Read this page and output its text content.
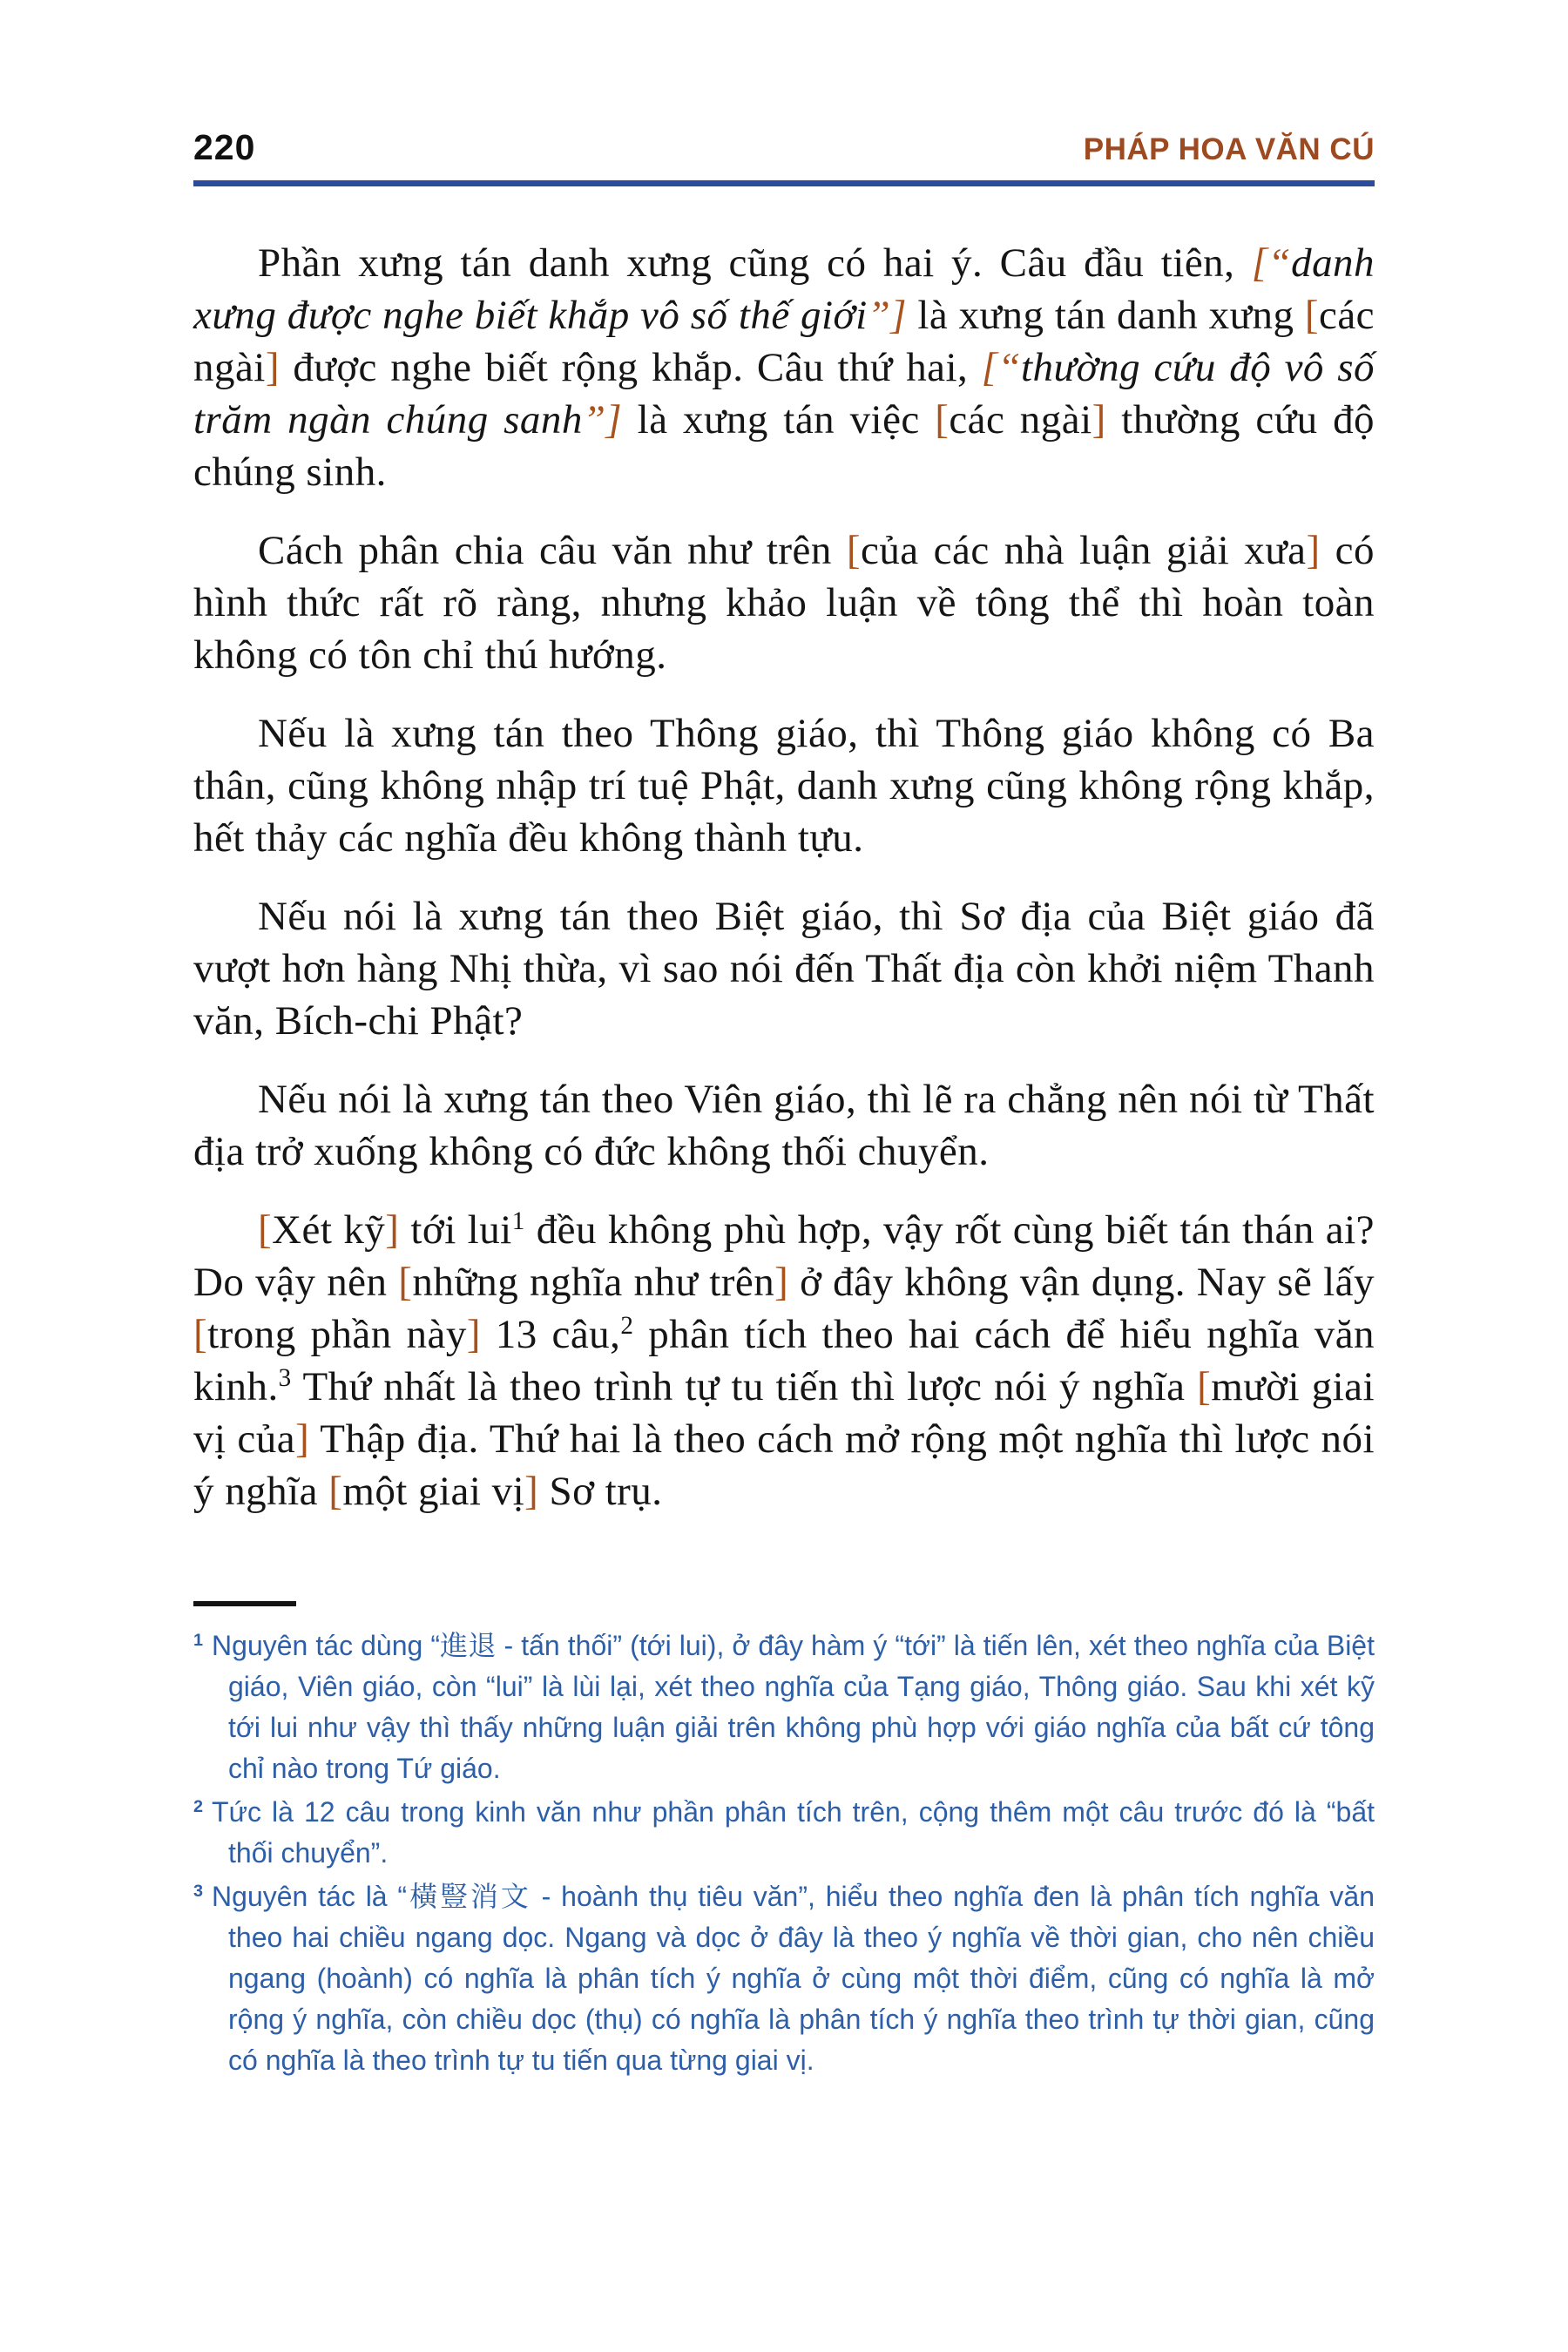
220	PHÁP HOA VĂN CÚ

Phần xưng tán danh xưng cũng có hai ý. Câu đầu tiên, [“danh xưng được nghe biết khắp vô số thế giới”] là xưng tán danh xưng [các ngài] được nghe biết rộng khắp. Câu thứ hai, [“thường cứu độ vô số trăm ngàn chúng sanh”] là xưng tán việc [các ngài] thường cứu độ chúng sinh.

Cách phân chia câu văn như trên [của các nhà luận giải xưa] có hình thức rất rõ ràng, nhưng khảo luận về tông thể thì hoàn toàn không có tôn chỉ thú hướng.

Nếu là xưng tán theo Thông giáo, thì Thông giáo không có Ba thân, cũng không nhập trí tuệ Phật, danh xưng cũng không rộng khắp, hết thảy các nghĩa đều không thành tựu.

Nếu nói là xưng tán theo Biệt giáo, thì Sơ địa của Biệt giáo đã vượt hơn hàng Nhị thừa, vì sao nói đến Thất địa còn khởi niệm Thanh văn, Bích-chi Phật?

Nếu nói là xưng tán theo Viên giáo, thì lẽ ra chẳng nên nói từ Thất địa trở xuống không có đức không thối chuyển.

[Xét kỹ] tới lui$^1$ đều không phù hợp, vậy rốt cùng biết tán thán ai? Do vậy nên [những nghĩa như trên] ở đây không vận dụng. Nay sẽ lấy [trong phần này] 13 câu,$^2$ phân tích theo hai cách để hiểu nghĩa văn kinh.$^3$ Thứ nhất là theo trình tự tu tiến thì lược nói ý nghĩa [mười giai vị của] Thập địa. Thứ hai là theo cách mở rộng một nghĩa thì lược nói ý nghĩa [một giai vị] Sơ trụ.

$^1$ Nguyên tác dùng “進退 - tấn thối” (tới lui), ở đây hàm ý “tới” là tiến lên, xét theo nghĩa của Biệt giáo, Viên giáo, còn “lui” là lùi lại, xét theo nghĩa của Tạng giáo, Thông giáo. Sau khi xét kỹ tới lui như vậy thì thấy những luận giải trên không phù hợp với giáo nghĩa của bất cứ tông chỉ nào trong Tứ giáo.

$^2$ Tức là 12 câu trong kinh văn như phần phân tích trên, cộng thêm một câu trước đó là “bất thối chuyển”.

$^3$ Nguyên tác là “橫豎消文 - hoành thụ tiêu văn”, hiểu theo nghĩa đen là phân tích nghĩa văn theo hai chiều ngang dọc. Ngang và dọc ở đây là theo ý nghĩa về thời gian, cho nên chiều ngang (hoành) có nghĩa là phân tích ý nghĩa ở cùng một thời điểm, cũng có nghĩa là mở rộng ý nghĩa, còn chiều dọc (thụ) có nghĩa là phân tích ý nghĩa theo trình tự thời gian, cũng có nghĩa là theo trình tự tu tiến qua từng giai vị.
